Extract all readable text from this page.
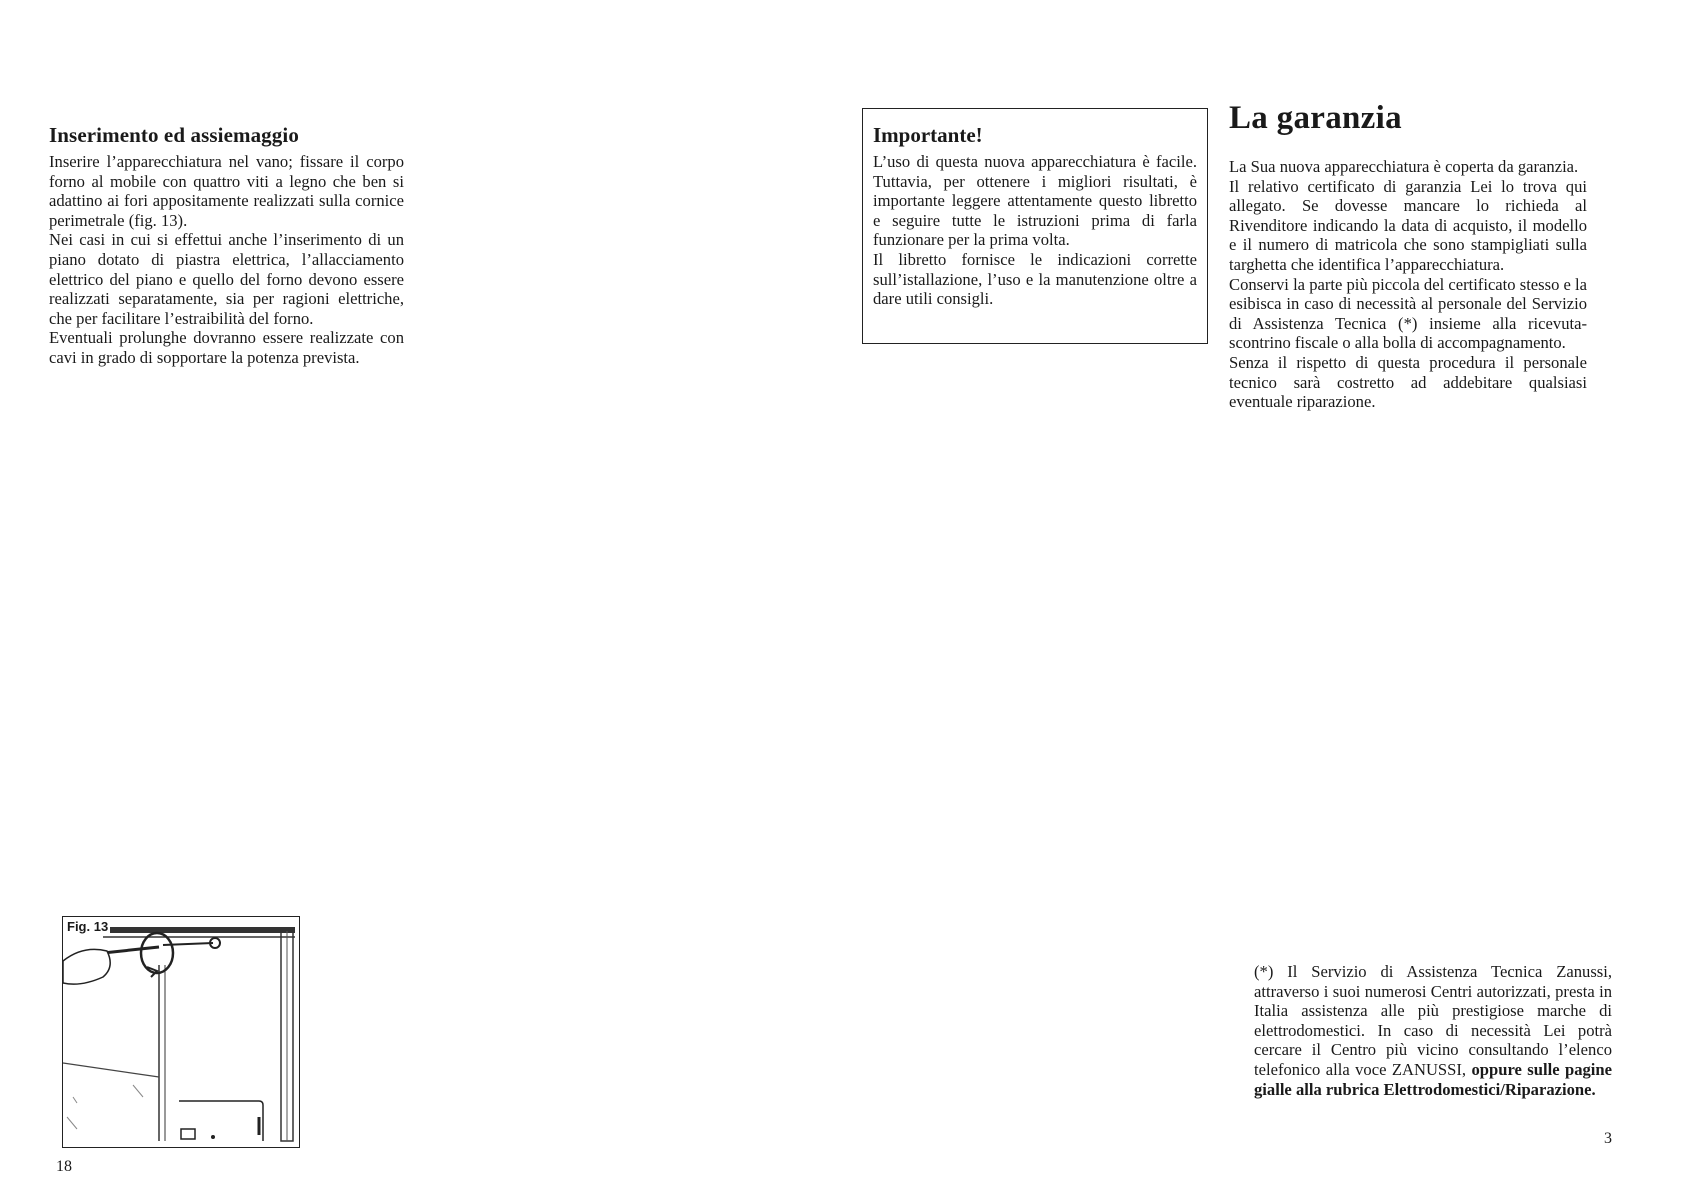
Inserimento ed assiemaggio

Inserire l’apparecchiatura nel vano; fissare il corpo forno al mobile con quattro viti a legno che ben si adattino ai fori appositamente realizzati sulla cornice perimetrale (fig. 13).

Nei casi in cui si effettui anche l’inserimento di un piano dotato di piastra elettrica, l’allacciamento elettrico del piano e quello del forno devono essere realizzati separatamente, sia per ragioni elettriche, che per facilitare l’estraibilità del forno.

Eventuali prolunghe dovranno essere realizzate con cavi in grado di sopportare la potenza prevista.

Fig. 13
18
Importante!

L’uso di questa nuova apparecchiatura è facile. Tuttavia, per ottenere i migliori risultati, è importante leggere attentamente questo libretto e seguire tutte le istruzioni prima di farla funzionare per la prima volta.

Il libretto fornisce le indicazioni corrette sull’istallazione, l’uso e la manutenzione oltre a dare utili consigli.

La garanzia

La Sua nuova apparecchiatura è coperta da garanzia.

Il relativo certificato di garanzia Lei lo trova qui allegato. Se dovesse mancare lo richieda al Rivenditore indicando la data di acquisto, il modello e il numero di matricola che sono stampigliati sulla targhetta che identifica l’apparecchiatura.

Conservi la parte più piccola del certificato stesso e la esibisca in caso di necessità al personale del Servizio di Assistenza Tecnica (*) insieme alla ricevuta-scontrino fiscale o alla bolla di accompagnamento.

Senza il rispetto di questa procedura il personale tecnico sarà costretto ad addebitare qualsiasi eventuale riparazione.

(*) Il Servizio di Assistenza Tecnica Zanussi, attraverso i suoi numerosi Centri autorizzati, presta in Italia assistenza alle più prestigiose marche di elettrodomestici. In caso di necessità Lei potrà cercare il Centro più vicino consultando l’elenco telefonico alla voce ZANUSSI, oppure sulle pagine gialle alla rubrica Elettrodomestici/Riparazione.

3
